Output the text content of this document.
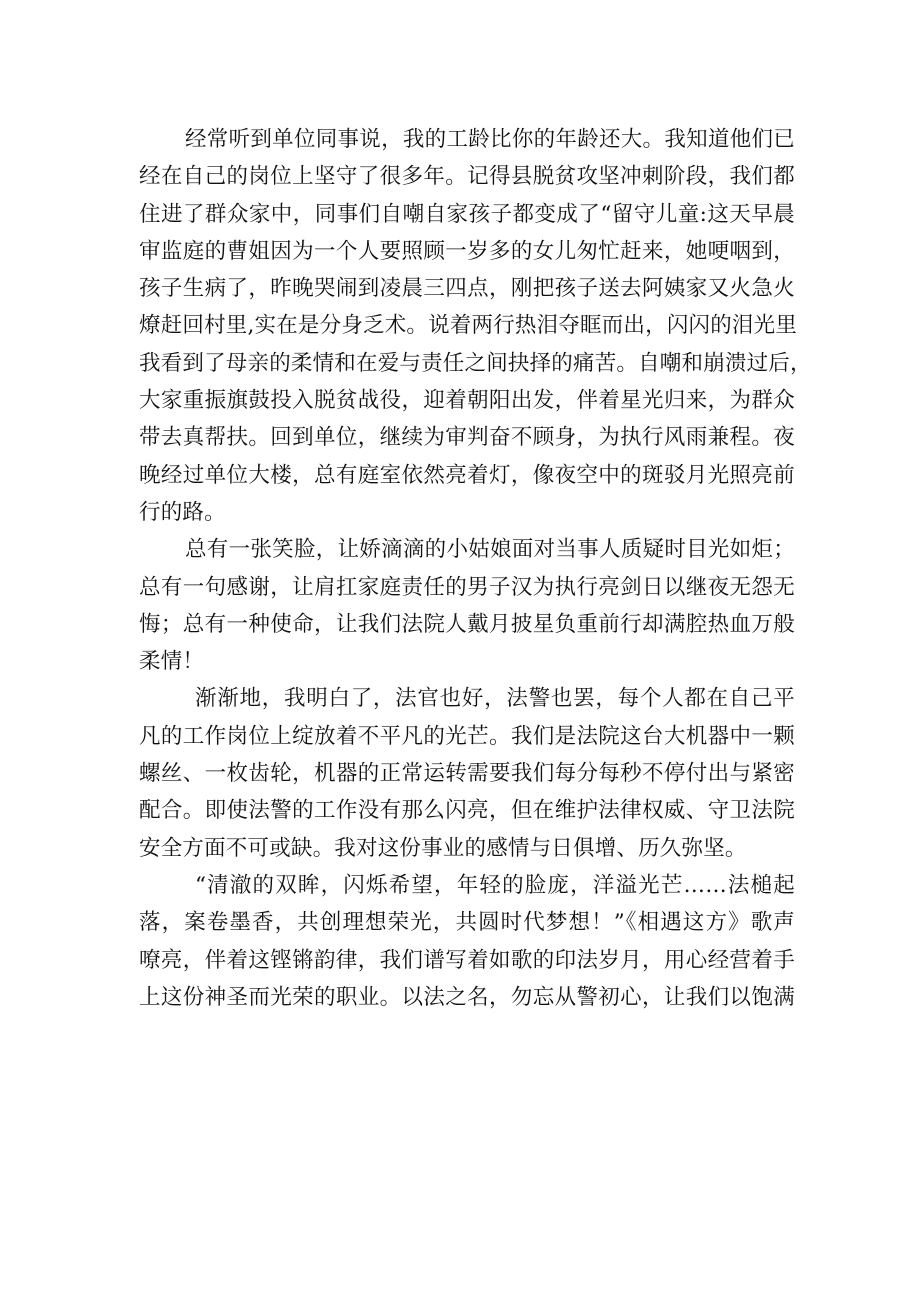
经常听到单位同事说，我的工龄比你的年龄还大。我知道他们已
经在自己的岗位上坚守了很多年。记得县脱贫攻坚冲刺阶段，我们都
住进了群众家中，同事们自嘲自家孩子都变成了“留守儿童:这天早晨
审监庭的曹姐因为一个人要照顾一岁多的女儿匆忙赶来，她哽咽到，
孩子生病了，昨晚哭闹到凌晨三四点，刚把孩子送去阿姨家又火急火
燎赶回村里,实在是分身乏术。说着两行热泪夺眶而出，闪闪的泪光里
我看到了母亲的柔情和在爱与责任之间抉择的痛苦。自嘲和崩溃过后，
大家重振旗鼓投入脱贫战役，迎着朝阳出发，伴着星光归来，为群众
带去真帮扶。回到单位，继续为审判奋不顾身，为执行风雨兼程。夜
晚经过单位大楼，总有庭室依然亮着灯，像夜空中的斑驳月光照亮前
行的路。
总有一张笑脸，让娇滴滴的小姑娘面对当事人质疑时目光如炬；
总有一句感谢，让肩扛家庭责任的男子汉为执行亮剑日以继夜无怨无
悔；总有一种使命，让我们法院人戴月披星负重前行却满腔热血万般
柔情！
渐渐地，我明白了，法官也好，法警也罢，每个人都在自己平
凡的工作岗位上绽放着不平凡的光芒。我们是法院这台大机器中一颗
螺丝、一枚齿轮，机器的正常运转需要我们每分每秒不停付出与紧密
配合。即使法警的工作没有那么闪亮，但在维护法律权威、守卫法院
安全方面不可或缺。我对这份事业的感情与日俱增、历久弥坚。
“清澈的双眸，闪烁希望，年轻的脸庞，洋溢光芒……法槌起
落，案卷墨香，共创理想荣光，共圆时代梦想！”《相遇这方》歌声
嘹亮，伴着这铿锵韵律，我们谱写着如歌的印法岁月，用心经营着手
上这份神圣而光荣的职业。以法之名，勿忘从警初心，让我们以饱满
